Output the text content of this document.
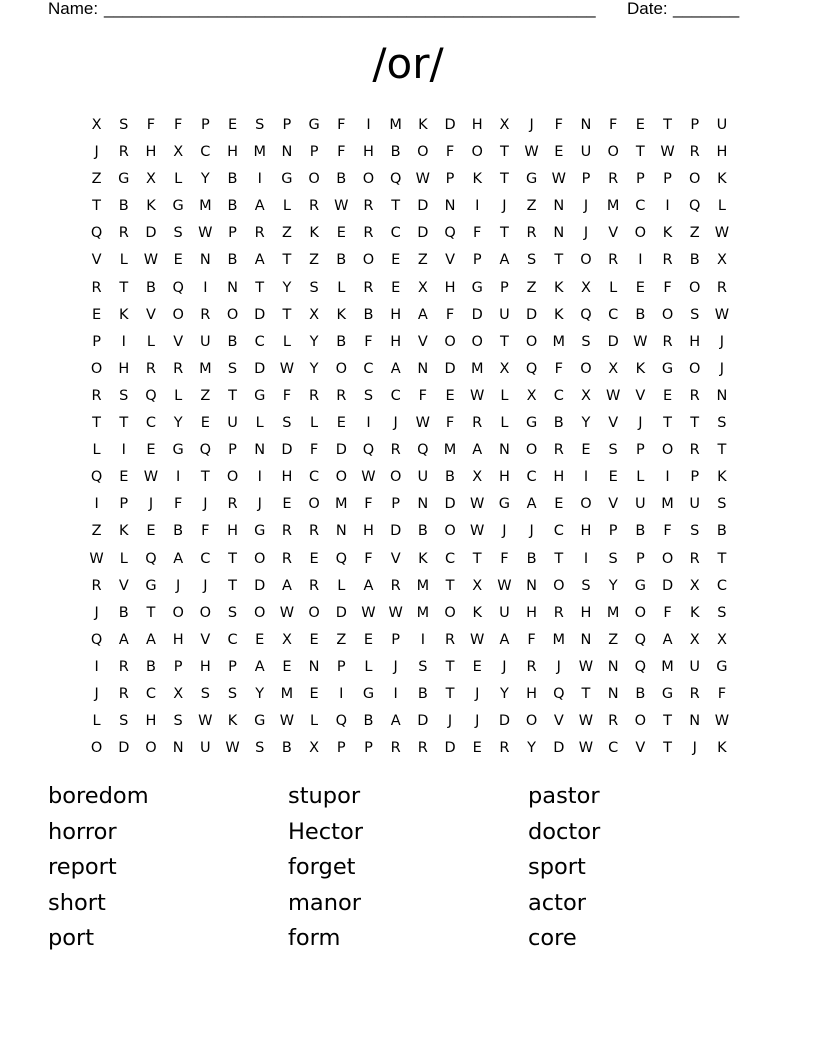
Name: ____________________________________________________ Date: _______
/or/
X	S	F	F	P	E	S	P	G	F	I	M	K	D	H	X	J	F	N	F	E	T	P	U
J	R	H	X	C	H	M	N	P	F	H	B	O	F	O	T	W	E	U	O	T	W	R	H
Z	G	X	L	Y	B	I	G	O	B	O	Q W	P	K	T	G W	P	R	P	P	O	K
T	B	K	G	M	B	A	L	R	W	R	T	D	N	I	J	Z	N	J	M	C	I	Q	L
Q	R	D	S	W	P	R	Z	K	E	R	C	D	Q	F	T	R	N	J	V	O	K	Z	W
V	L	W	E	N	B	A	T	Z	B	O	E	Z	V	P	A	S	T	O	R	I	R	B	X
R	T	B	Q	I	N	T	Y	S	L	R	E	X	H	G	P	Z	K	X	L	E	F	O	R
E	K	V	O	R	O	D	T	X	K	B	H	A	F	D	U	D	K	Q	C	B	O	S	W
P	I	L	V	U	B	C	L	Y	B	F	H	V	O	O	T	O	M	S	D W	R	H	J
O	H	R	R	M	S	D W	Y	O	C	A	N	D	M	X	Q	F	O	X	K	G	O	J
R	S	Q	L	Z	T	G	F	R	R	S	C	F	E	W	L	X	C	X	W	V	E	R	N
T	T	C	Y	E	U	L	S	L	E	I	J	W	F	R	L	G	B	Y	V	J	T	T	S
L	I	E	G	Q	P	N	D	F	D	Q	R	Q	M	A	N	O	R	E	S	P	O	R	T
Q	E	W	I	T	O	I	H	C	O W O	U	B	X	H	C	H	I	E	L	I	P	K
I	P	J	F	J	R	J	E	O	M	F	P	N	D W G	A	E	O	V	U	M	U	S
Z	K	E	B	F	H	G	R	R	N	H	D	B	O W	J	J	C	H	P	B	F	S	B
W	L	Q	A	C	T	O	R	E	Q	F	V	K	C	T	F	B	T	I	S	P	O	R	T
R	V	G	J	J	T	D	A	R	L	A	R	M	T	X	W	N	O	S	Y	G	D	X	C
J	B	T	O	O	S	O W O	D W W M	O	K	U	H	R	H	M	O	F	K	S
Q	A	A	H	V	C	E	X	E	Z	E	P	I	R	W	A	F	M	N	Z	Q	A	X	X
I	R	B	P	H	P	A	E	N	P	L	J	S	T	E	J	R	J	W	N	Q	M	U	G
J	R	C	X	S	S	Y	M	E	I	G	I	B	T	J	Y	H	Q	T	N	B	G	R	F
L	S	H	S	W	K	G W	L	Q	B	A	D	J	J	D	O	V	W	R	O	T	N	W
O	D	O	N	U	W	S	B	X	P	P	R	R	D	E	R	Y	D W	C	V	T	J	K
boredom	stupor	pastor
horror	Hector	doctor
report	forget	sport
short	manor	actor
port	form	core
